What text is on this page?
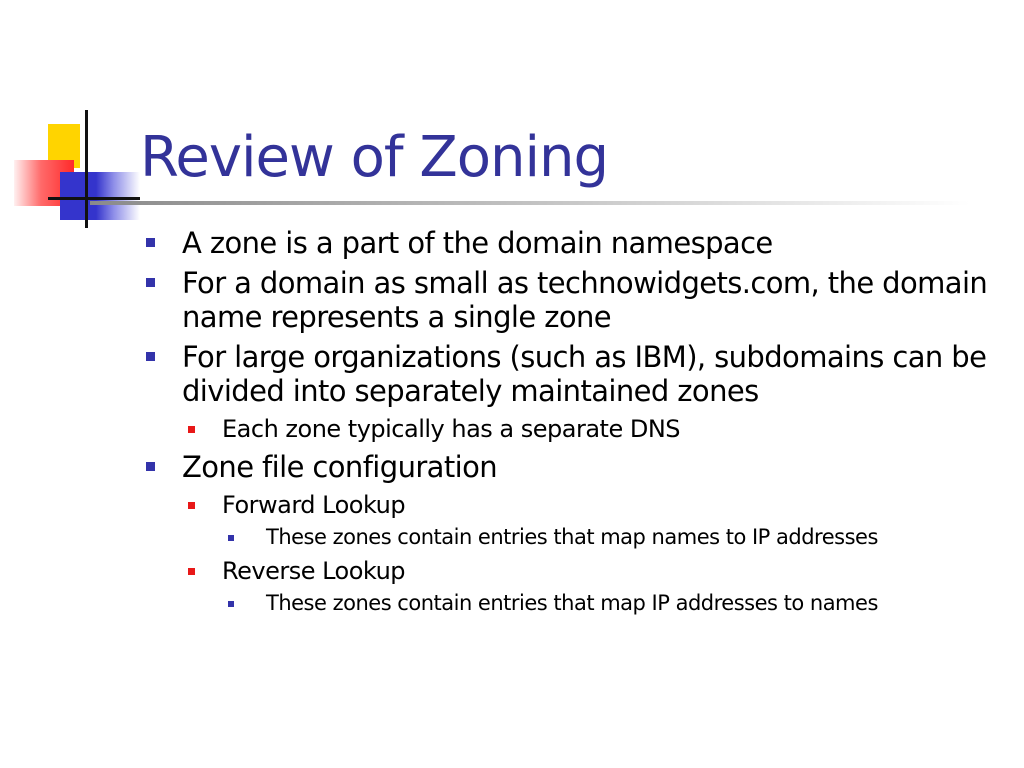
Review of Zoning
A zone is a part of the domain namespace
For a domain as small as technowidgets.com, the domain name represents a single zone
For large organizations (such as IBM), subdomains can be divided into separately maintained zones
Each zone typically has a separate DNS
Zone file configuration
Forward Lookup
These zones contain entries that map names to IP addresses
Reverse Lookup
These zones contain entries that map IP addresses to names
